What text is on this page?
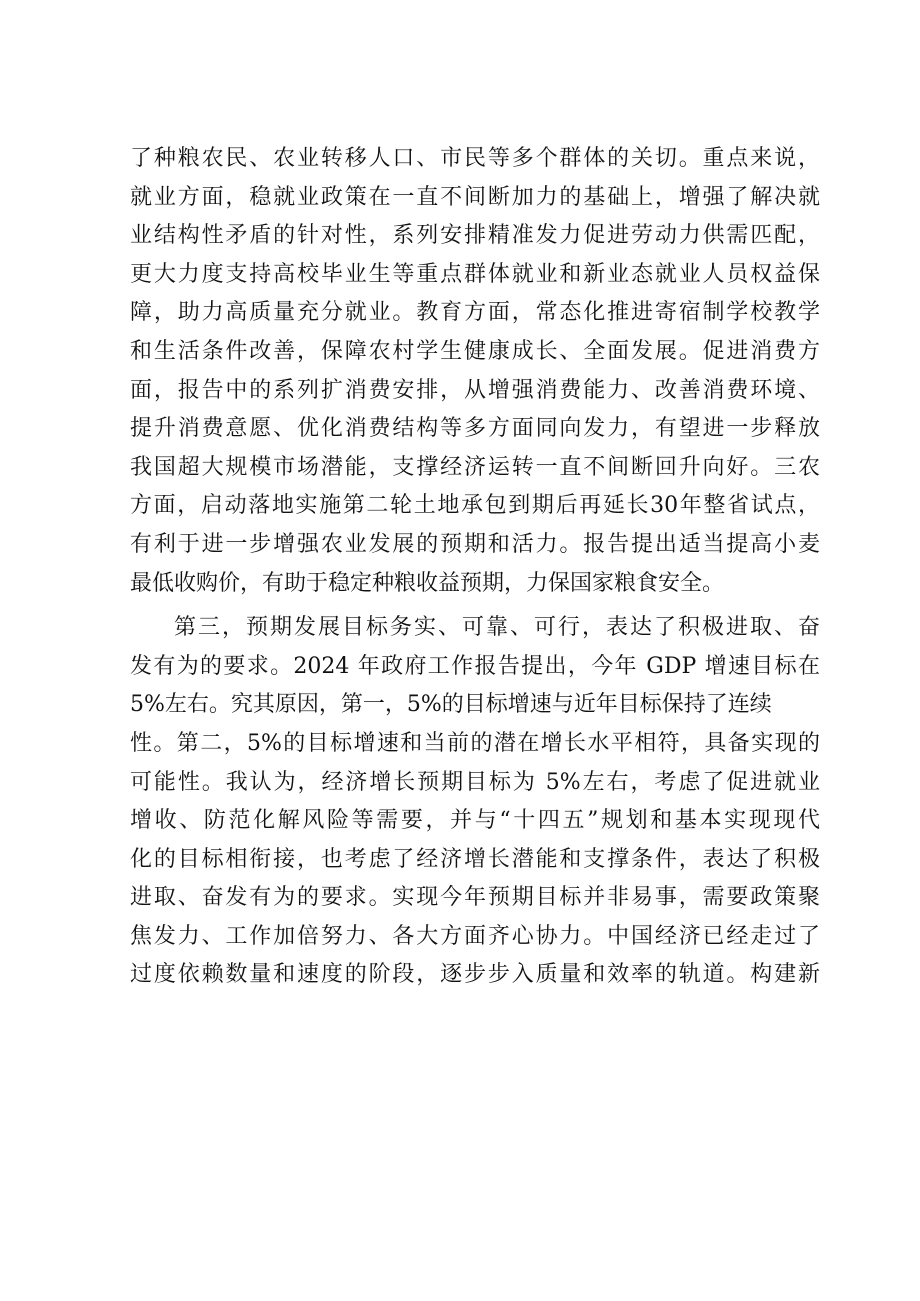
了种粮农民、农业转移人口、市民等多个群体的关切。重点来说，
就业方面，稳就业政策在一直不间断加力的基础上，增强了解决就
业结构性矛盾的针对性，系列安排精准发力促进劳动力供需匹配，
更大力度支持高校毕业生等重点群体就业和新业态就业人员权益保
障，助力高质量充分就业。教育方面，常态化推进寄宿制学校教学
和生活条件改善，保障农村学生健康成长、全面发展。促进消费方
面，报告中的系列扩消费安排，从增强消费能力、改善消费环境、
提升消费意愿、优化消费结构等多方面同向发力，有望进一步释放
我国超大规模市场潜能，支撑经济运转一直不间断回升向好。三农
方面，启动落地实施第二轮土地承包到期后再延长30年整省试点，
有利于进一步增强农业发展的预期和活力。报告提出适当提高小麦
最低收购价，有助于稳定种粮收益预期，力保国家粮食安全。
第三，预期发展目标务实、可靠、可行，表达了积极进取、奋
发有为的要求。2024 年政府工作报告提出，今年 GDP 增速目标在
5%左右。究其原因，第一，5%的目标增速与近年目标保持了连续
性。第二，5%的目标增速和当前的潜在增长水平相符，具备实现的
可能性。我认为，经济增长预期目标为 5%左右，考虑了促进就业
增收、防范化解风险等需要，并与“十四五”规划和基本实现现代
化的目标相衔接，也考虑了经济增长潜能和支撑条件，表达了积极
进取、奋发有为的要求。实现今年预期目标并非易事，需要政策聚
焦发力、工作加倍努力、各大方面齐心协力。中国经济已经走过了
过度依赖数量和速度的阶段，逐步步入质量和效率的轨道。构建新
